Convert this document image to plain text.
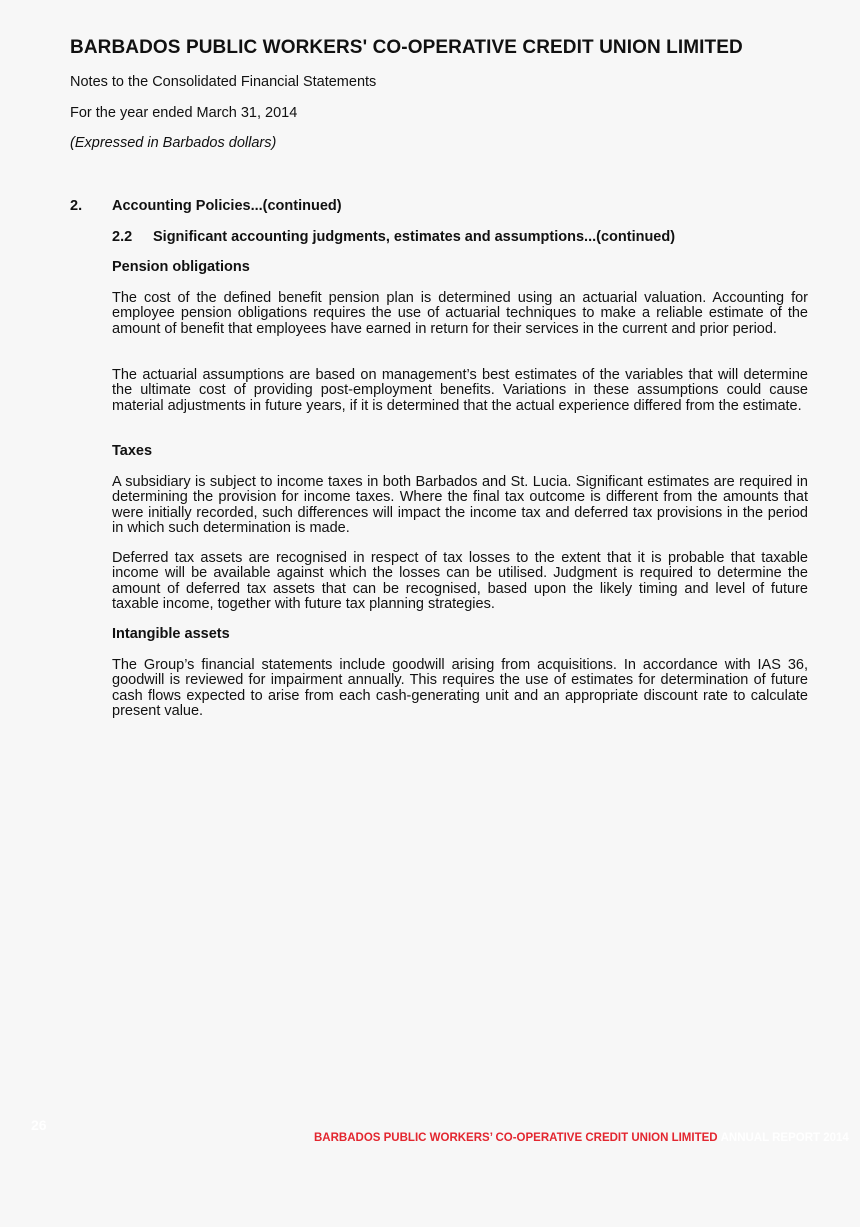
BARBADOS PUBLIC WORKERS' CO-OPERATIVE CREDIT UNION LIMITED

Notes to the Consolidated Financial Statements

For the year ended March 31, 2014

(Expressed in Barbados dollars)

2. Accounting Policies...(continued)
2.2 Significant accounting judgments, estimates and assumptions...(continued)
Pension obligations

The cost of the defined benefit pension plan is determined using an actuarial valuation. Accounting for employee pension obligations requires the use of actuarial techniques to make a reliable estimate of the amount of benefit that employees have earned in return for their services in the current and prior period.

The actuarial assumptions are based on management’s best estimates of the variables that will determine the ultimate cost of providing post-employment benefits. Variations in these assumptions could cause material adjustments in future years, if it is determined that the actual experience differed from the estimate.

Taxes

A subsidiary is subject to income taxes in both Barbados and St. Lucia. Significant estimates are required in determining the provision for income taxes. Where the final tax outcome is different from the amounts that were initially recorded, such differences will impact the income tax and deferred tax provisions in the period in which such determination is made.

Deferred tax assets are recognised in respect of tax losses to the extent that it is probable that taxable income will be available against which the losses can be utilised. Judgment is required to determine the amount of deferred tax assets that can be recognised, based upon the likely timing and level of future taxable income, together with future tax planning strategies.

Intangible assets

The Group’s financial statements include goodwill arising from acquisitions. In accordance with IAS 36, goodwill is reviewed for impairment annually. This requires the use of estimates for determination of future cash flows expected to arise from each cash-generating unit and an appropriate discount rate to calculate present value.

26

BARBADOS PUBLIC WORKERS’ CO-OPERATIVE CREDIT UNION LIMITED ANNUAL REPORT 2014
